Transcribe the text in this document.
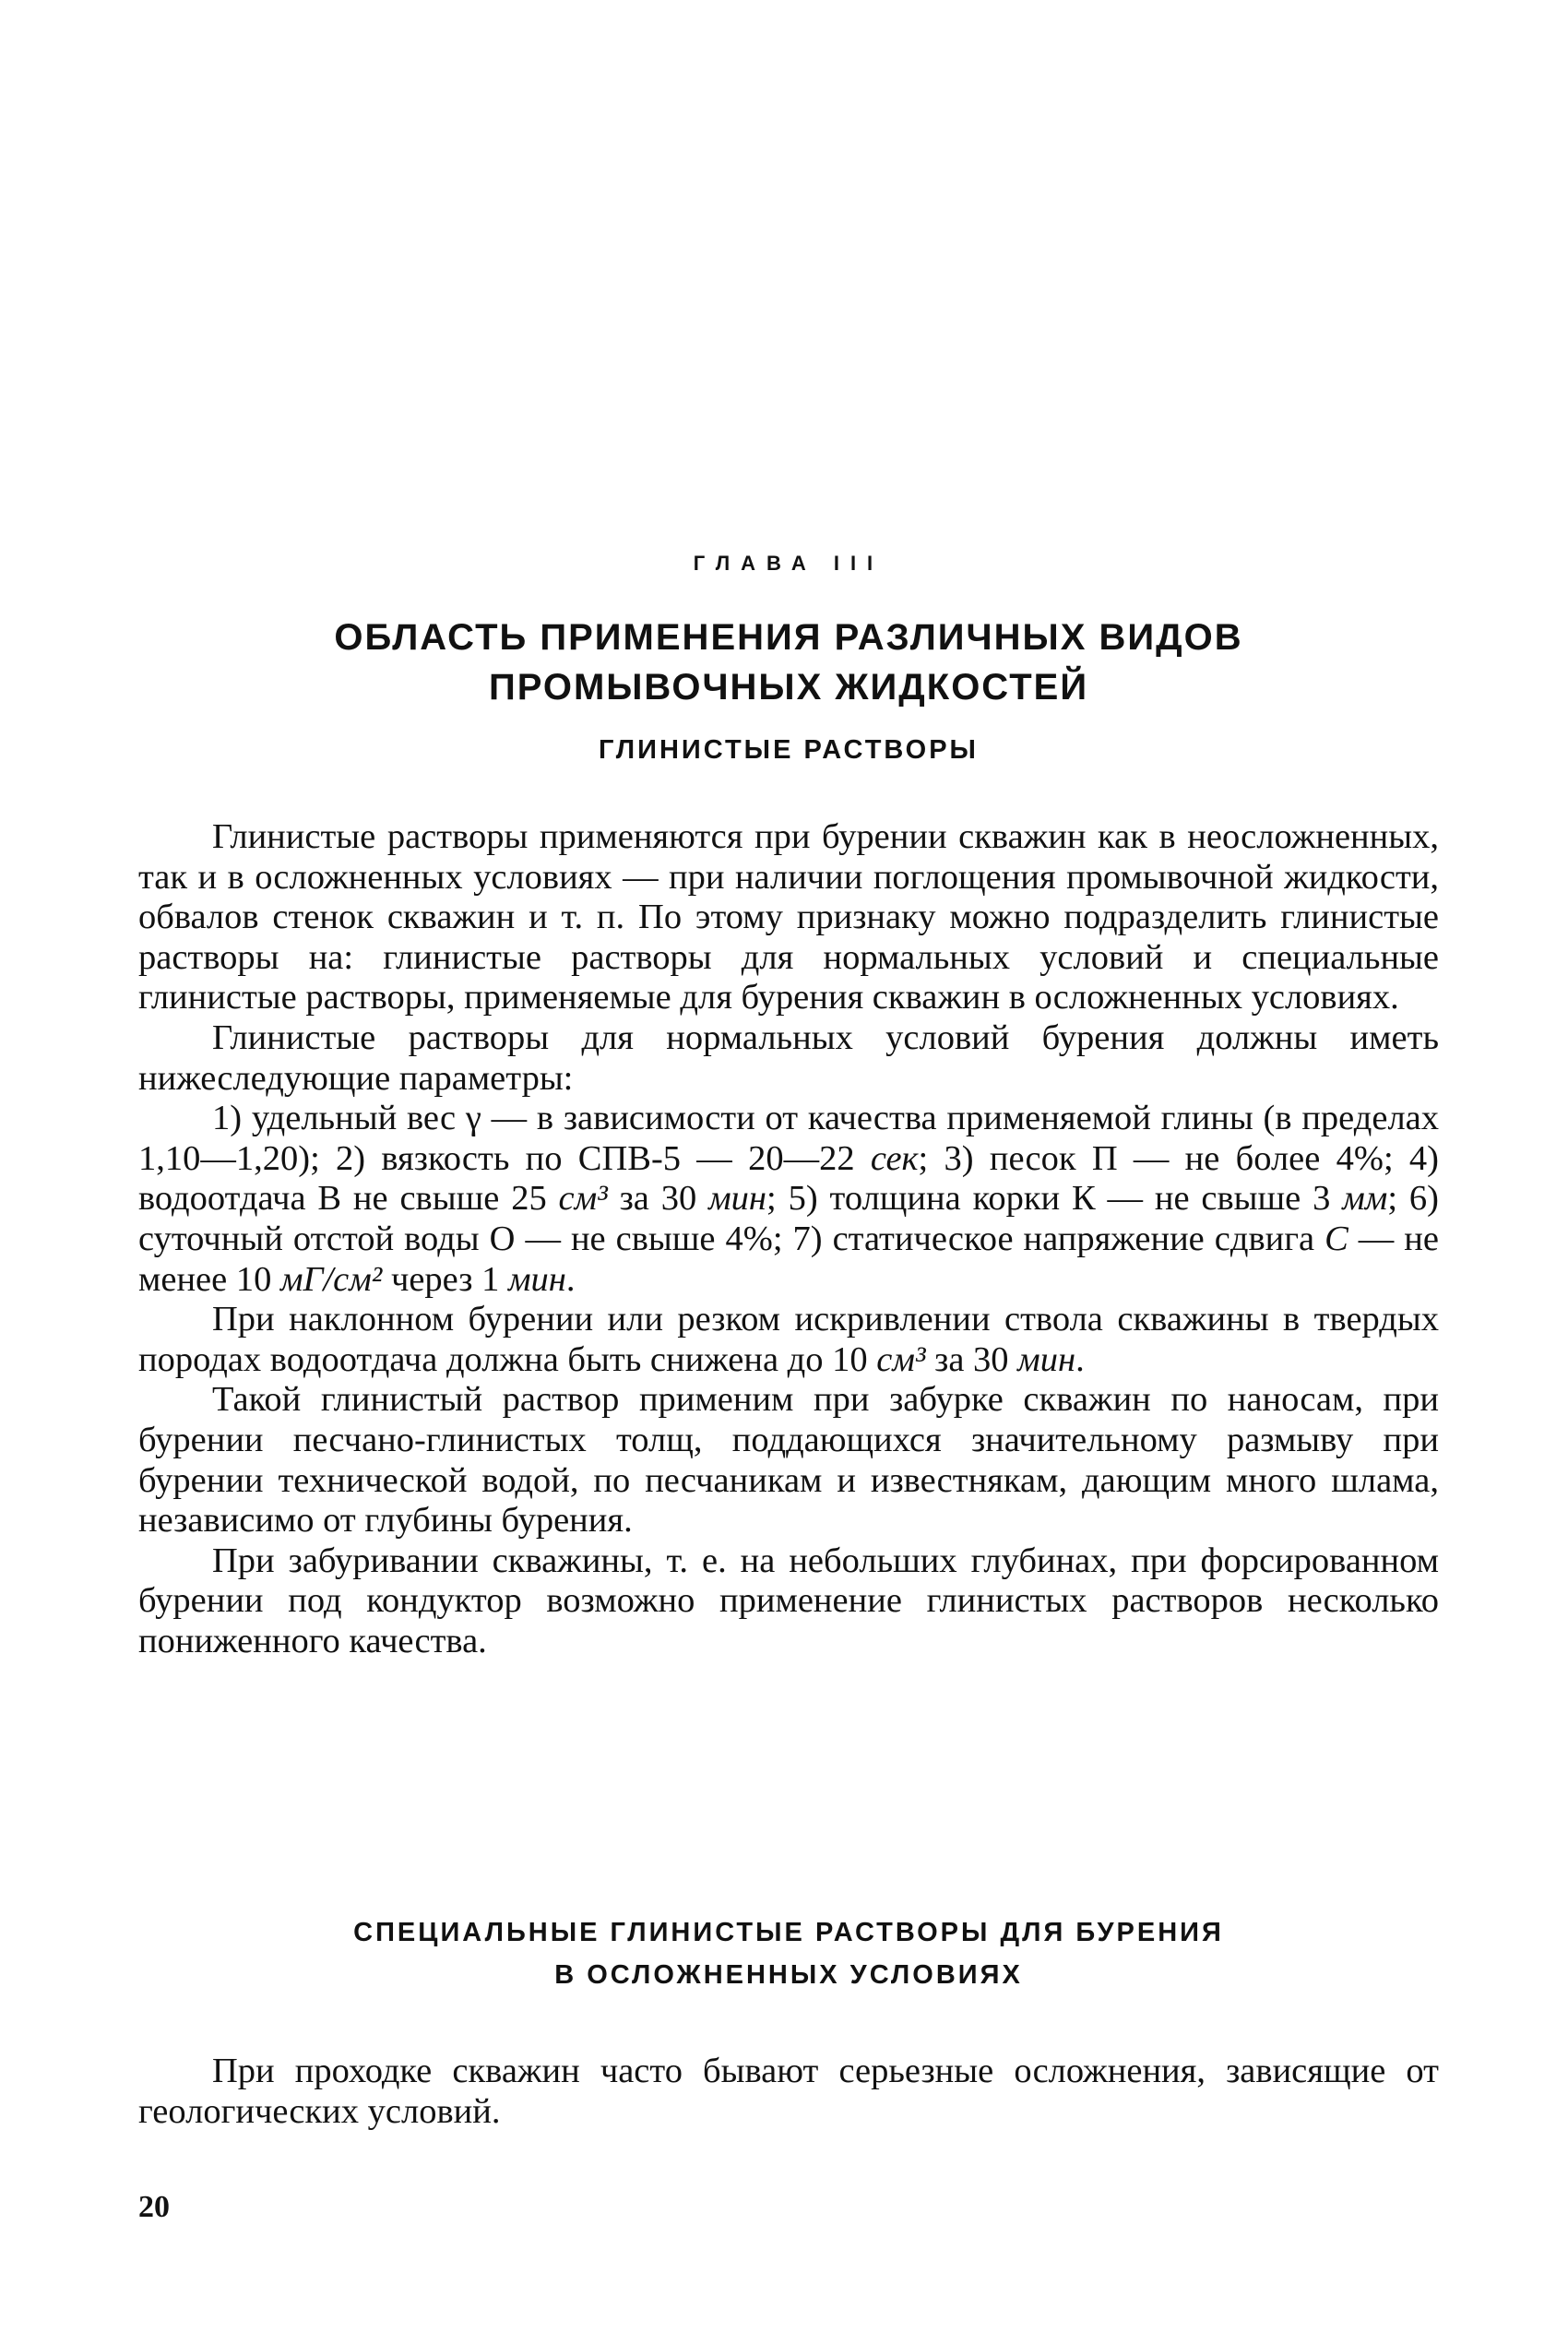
ГЛАВА III
ОБЛАСТЬ ПРИМЕНЕНИЯ РАЗЛИЧНЫХ ВИДОВ
ПРОМЫВОЧНЫХ ЖИДКОСТЕЙ
ГЛИНИСТЫЕ РАСТВОРЫ

Глинистые растворы применяются при бурении скважин как в неосложненных, так и в осложненных условиях — при наличии поглощения промывочной жидкости, обвалов стенок скважин и т. п. По этому признаку можно подразделить глинистые растворы на: глинистые растворы для нормальных условий и специальные глинистые растворы, применяемые для бурения скважин в осложненных условиях.

Глинистые растворы для нормальных условий бурения должны иметь нижеследующие параметры:

1) удельный вес γ — в зависимости от качества применяемой глины (в пределах 1,10—1,20); 2) вязкость по СПВ-5 — 20—22 сек; 3) песок П — не более 4%; 4) водоотдача В не свыше 25 см³ за 30 мин; 5) толщина корки К — не свыше 3 мм; 6) суточный отстой воды О — не свыше 4%; 7) статическое напряжение сдвига С — не менее 10 мГ/см² через 1 мин.

При наклонном бурении или резком искривлении ствола скважины в твердых породах водоотдача должна быть снижена до 10 см³ за 30 мин.

Такой глинистый раствор применим при забурке скважин по наносам, при бурении песчано-глинистых толщ, поддающихся значительному размыву при бурении технической водой, по песчаникам и известнякам, дающим много шлама, независимо от глубины бурения.

При забуривании скважины, т. е. на небольших глубинах, при форсированном бурении под кондуктор возможно применение глинистых растворов несколько пониженного качества.

СПЕЦИАЛЬНЫЕ ГЛИНИСТЫЕ РАСТВОРЫ ДЛЯ БУРЕНИЯ
В ОСЛОЖНЕННЫХ УСЛОВИЯХ

При проходке скважин часто бывают серьезные осложнения, зависящие от геологических условий.

20
